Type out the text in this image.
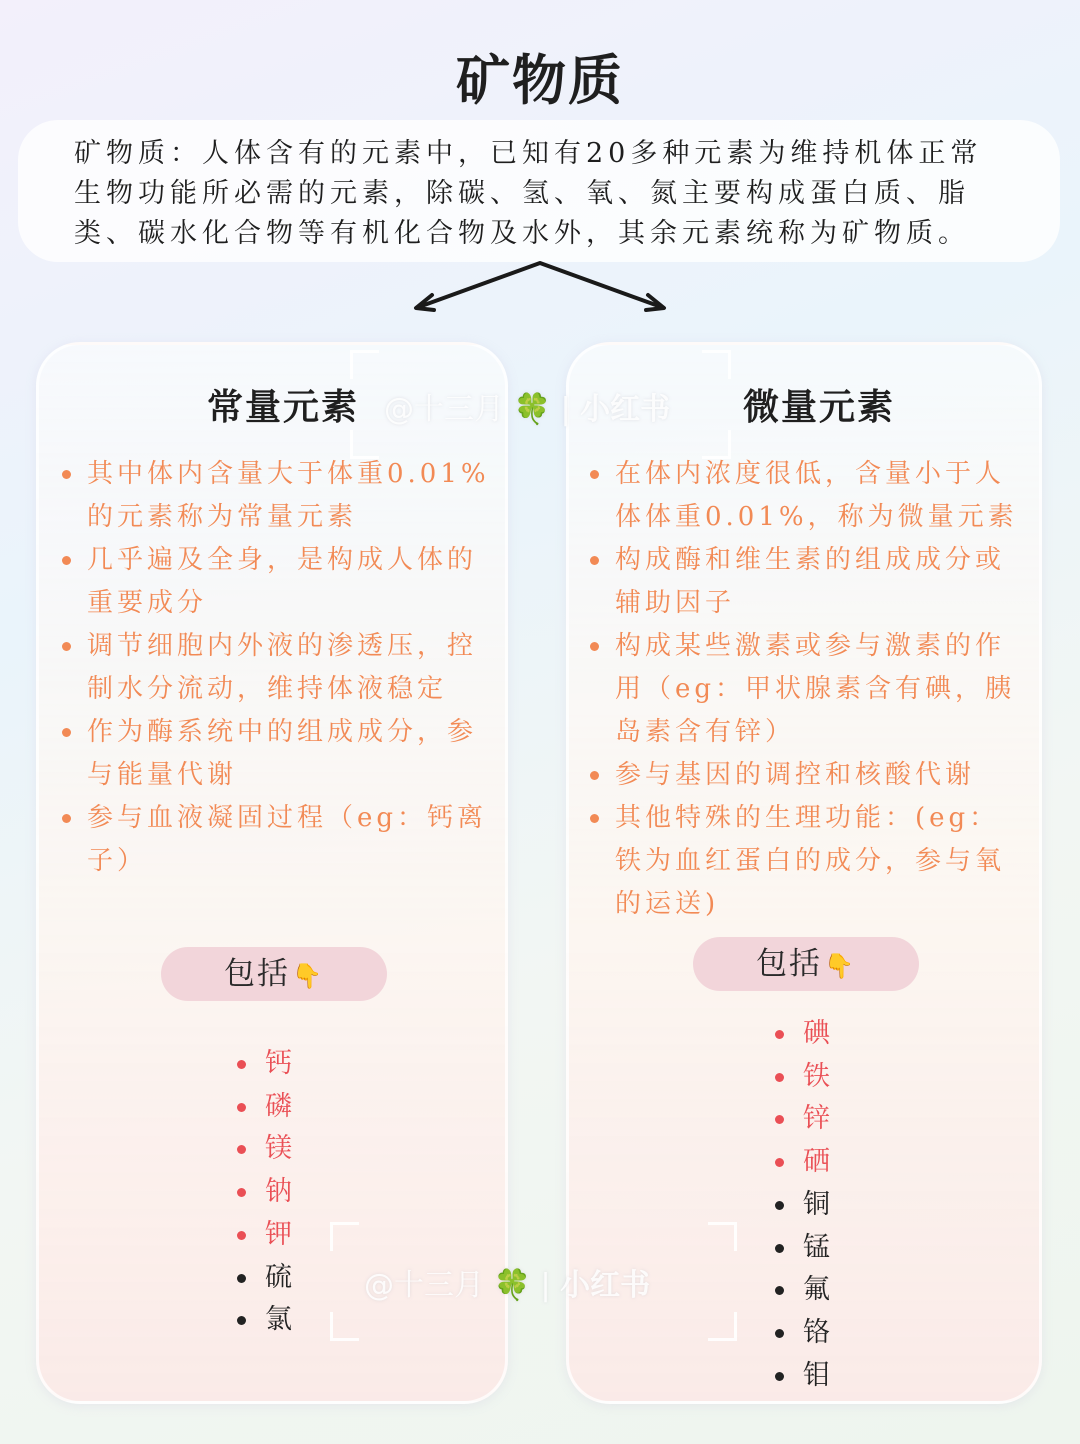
矿物质
矿物质：人体含有的元素中，已知有20多种元素为维持机体正常生物功能所必需的元素，除碳、氢、氧、氮主要构成蛋白质、脂类、碳水化合物等有机化合物及水外，其余元素统称为矿物质。
常量元素
其中体内含量大于体重0.01%的元素称为常量元素
几乎遍及全身，是构成人体的重要成分
调节细胞内外液的渗透压，控制水分流动，维持体液稳定
作为酶系统中的组成成分，参与能量代谢
参与血液凝固过程（eg：钙离子）
包括👇
钙
磷
镁
钠
钾
硫
氯
微量元素
在体内浓度很低，含量小于人体体重0.01%，称为微量元素
构成酶和维生素的组成成分或辅助因子
构成某些激素或参与激素的作用（eg：甲状腺素含有碘，胰岛素含有锌）
参与基因的调控和核酸代谢
其他特殊的生理功能：(eg：铁为血红蛋白的成分，参与氧的运送)
包括👇
碘
铁
锌
硒
铜
锰
氟
铬
钼
@十三月 🍀 | 小红书
@十三月 🍀 | 小红书
